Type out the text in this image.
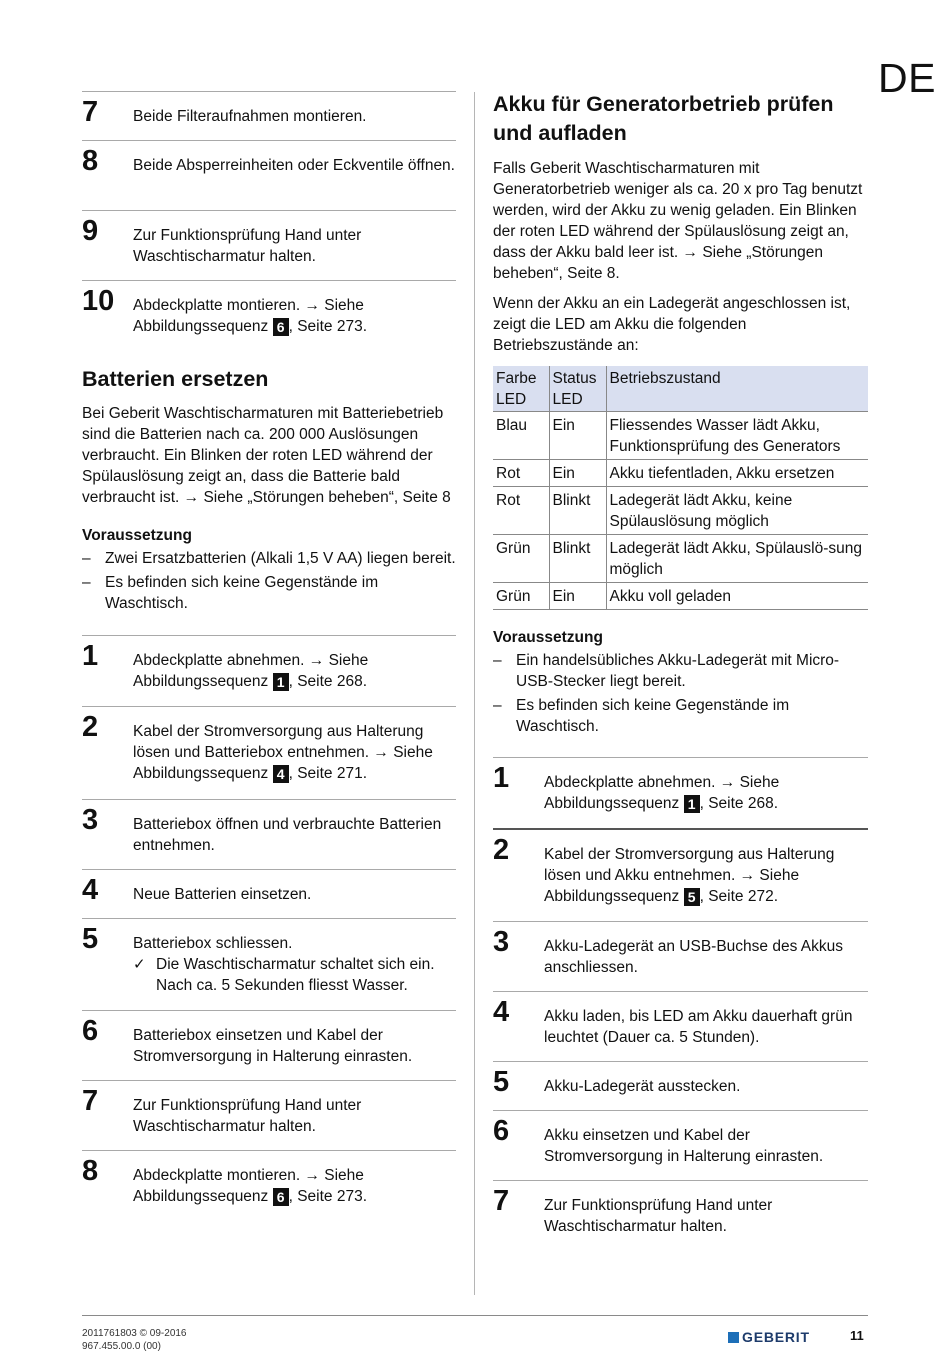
DE
7 Beide Filteraufnahmen montieren.
8 Beide Absperreinheiten oder Eckventile öffnen.
9 Zur Funktionsprüfung Hand unter Waschtischarmatur halten.
10 Abdeckplatte montieren. → Siehe Abbildungssequenz 6 , Seite 273.
Batterien ersetzen

Bei Geberit Waschtischarmaturen mit Batteriebetrieb sind die Batterien nach ca. 200 000 Auslösungen verbraucht. Ein Blinken der roten LED während der Spülauslösung zeigt an, dass die Batterie bald verbraucht ist. → Siehe „Störungen beheben“, Seite 8

Voraussetzung
– Zwei Ersatzbatterien (Alkali 1,5 V AA) liegen bereit.
– Es befinden sich keine Gegenstände im Waschtisch.
1 Abdeckplatte abnehmen. → Siehe Abbildungssequenz 1 , Seite 268.
2 Kabel der Stromversorgung aus Halterung lösen und Batteriebox entnehmen. → Siehe Abbildungssequenz 4 , Seite 271.
3 Batteriebox öffnen und verbrauchte Batterien entnehmen.
4 Neue Batterien einsetzen.
5 Batteriebox schliessen.
✓ Die Waschtischarmatur schaltet sich ein. Nach ca. 5 Sekunden fliesst Wasser.
6 Batteriebox einsetzen und Kabel der Stromversorgung in Halterung einrasten.
7 Zur Funktionsprüfung Hand unter Waschtischarmatur halten.
8 Abdeckplatte montieren. → Siehe Abbildungssequenz 6 , Seite 273.
Akku für Generatorbetrieb prüfen und aufladen

Falls Geberit Waschtischarmaturen mit Generatorbetrieb weniger als ca. 20 x pro Tag benutzt werden, wird der Akku zu wenig geladen. Ein Blinken der roten LED während der Spülauslösung zeigt an, dass der Akku bald leer ist. → Siehe „Störungen beheben“, Seite 8.

Wenn der Akku an ein Ladegerät angeschlossen ist, zeigt die LED am Akku die folgenden Betriebszustände an:

Farbe LED	Status LED	Betriebszustand
Blau	Ein	Fliessendes Wasser lädt Akku, Funktionsprüfung des Generators
Rot	Ein	Akku tiefentladen, Akku ersetzen
Rot	Blinkt	Ladegerät lädt Akku, keine Spülauslösung möglich
Grün	Blinkt	Ladegerät lädt Akku, Spülauslö-sung möglich
Grün	Ein	Akku voll geladen
Voraussetzung
– Ein handelsübliches Akku-Ladegerät mit Micro-USB-Stecker liegt bereit.
– Es befinden sich keine Gegenstände im Waschtisch.
1 Abdeckplatte abnehmen. → Siehe Abbildungssequenz 1 , Seite 268.
2 Kabel der Stromversorgung aus Halterung lösen und Akku entnehmen. → Siehe Abbildungssequenz 5 , Seite 272.
3 Akku-Ladegerät an USB-Buchse des Akkus anschliessen.
4 Akku laden, bis LED am Akku dauerhaft grün leuchtet (Dauer ca. 5 Stunden).
5 Akku-Ladegerät ausstecken.
6 Akku einsetzen und Kabel der Stromversorgung in Halterung einrasten.
7 Zur Funktionsprüfung Hand unter Waschtischarmatur halten.
2011761803 © 09-2016
967.455.00.0 (00)
GEBERIT	11
